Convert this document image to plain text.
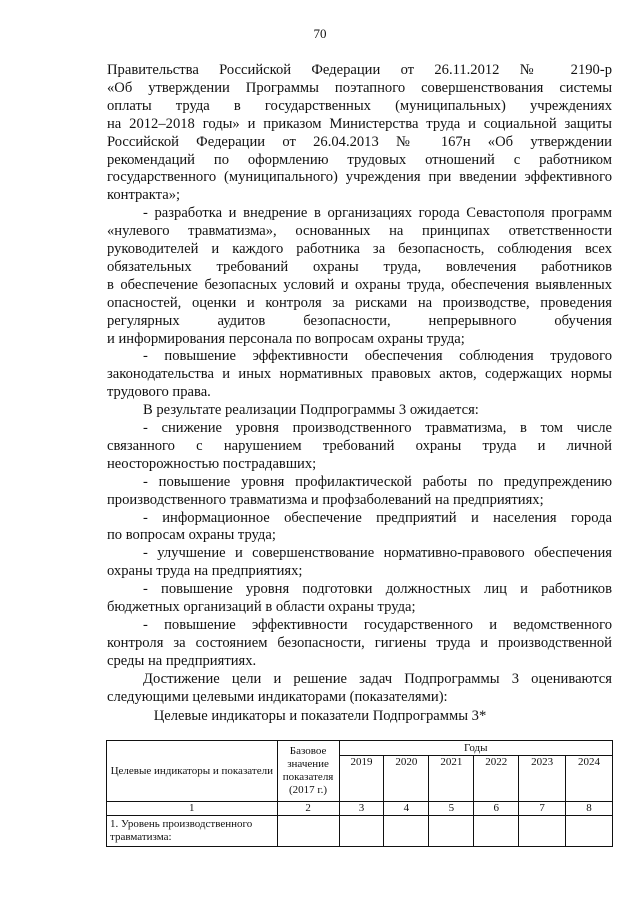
70
Правительства Российской Федерации от 26.11.2012 № 2190-р
«Об утверждении Программы поэтапного совершенствования системы
оплаты труда в государственных (муниципальных) учреждениях
на 2012–2018 годы» и приказом Министерства труда и социальной защиты
Российской Федерации от 26.04.2013 № 167н «Об утверждении
рекомендаций по оформлению трудовых отношений с работником
государственного (муниципального) учреждения при введении эффективного
контракта»;
- разработка и внедрение в организациях города Севастополя программ
«нулевого травматизма», основанных на принципах ответственности
руководителей и каждого работника за безопасность, соблюдения всех
обязательных требований охраны труда, вовлечения работников
в обеспечение безопасных условий и охраны труда, обеспечения выявленных
опасностей, оценки и контроля за рисками на производстве, проведения
регулярных аудитов безопасности, непрерывного обучения
и информирования персонала по вопросам охраны труда;
- повышение эффективности обеспечения соблюдения трудового
законодательства и иных нормативных правовых актов, содержащих нормы
трудового права.
В результате реализации Подпрограммы 3 ожидается:
- снижение уровня производственного травматизма, в том числе
связанного с нарушением требований охраны труда и личной
неосторожностью пострадавших;
- повышение уровня профилактической работы по предупреждению
производственного травматизма и профзаболеваний на предприятиях;
- информационное обеспечение предприятий и населения города
по вопросам охраны труда;
- улучшение и совершенствование нормативно-правового обеспечения
охраны труда на предприятиях;
- повышение уровня подготовки должностных лиц и работников
бюджетных организаций в области охраны труда;
- повышение эффективности государственного и ведомственного
контроля за состоянием безопасности, гигиены труда и производственной
среды на предприятиях.
Достижение цели и решение задач Подпрограммы 3 оцениваются
следующими целевыми индикаторами (показателями):
Целевые индикаторы и показатели Подпрограммы 3*
Целевые индикаторы и показатели	Базовое
значение
показателя
(2017 г.)	Годы					
		2019	2020	2021	2022	2023	2024
1	2	3	4	5	6	7	8
1. Уровень производственного
травматизма:							
